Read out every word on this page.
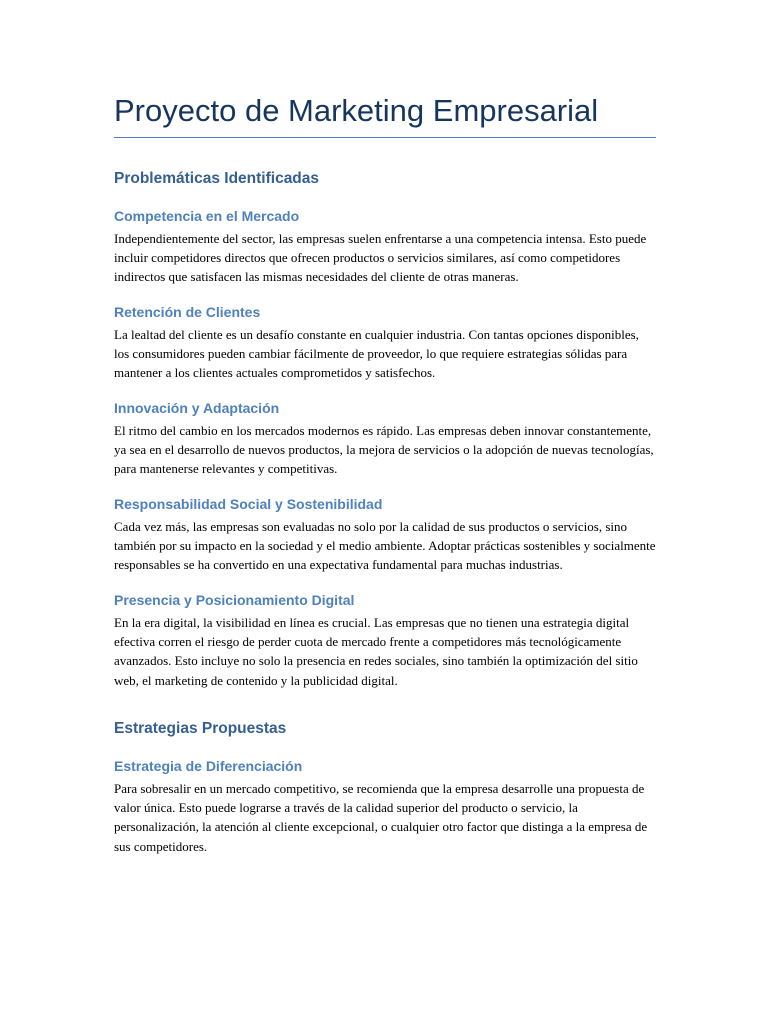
Proyecto de Marketing Empresarial
Problemáticas Identificadas
Competencia en el Mercado

Independientemente del sector, las empresas suelen enfrentarse a una competencia intensa. Esto puede incluir competidores directos que ofrecen productos o servicios similares, así como competidores indirectos que satisfacen las mismas necesidades del cliente de otras maneras.

Retención de Clientes

La lealtad del cliente es un desafío constante en cualquier industria. Con tantas opciones disponibles, los consumidores pueden cambiar fácilmente de proveedor, lo que requiere estrategias sólidas para mantener a los clientes actuales comprometidos y satisfechos.

Innovación y Adaptación

El ritmo del cambio en los mercados modernos es rápido. Las empresas deben innovar constantemente, ya sea en el desarrollo de nuevos productos, la mejora de servicios o la adopción de nuevas tecnologías, para mantenerse relevantes y competitivas.

Responsabilidad Social y Sostenibilidad

Cada vez más, las empresas son evaluadas no solo por la calidad de sus productos o servicios, sino también por su impacto en la sociedad y el medio ambiente. Adoptar prácticas sostenibles y socialmente responsables se ha convertido en una expectativa fundamental para muchas industrias.

Presencia y Posicionamiento Digital

En la era digital, la visibilidad en línea es crucial. Las empresas que no tienen una estrategia digital efectiva corren el riesgo de perder cuota de mercado frente a competidores más tecnológicamente avanzados. Esto incluye no solo la presencia en redes sociales, sino también la optimización del sitio web, el marketing de contenido y la publicidad digital.

Estrategias Propuestas
Estrategia de Diferenciación

Para sobresalir en un mercado competitivo, se recomienda que la empresa desarrolle una propuesta de valor única. Esto puede lograrse a través de la calidad superior del producto o servicio, la personalización, la atención al cliente excepcional, o cualquier otro factor que distinga a la empresa de sus competidores.
